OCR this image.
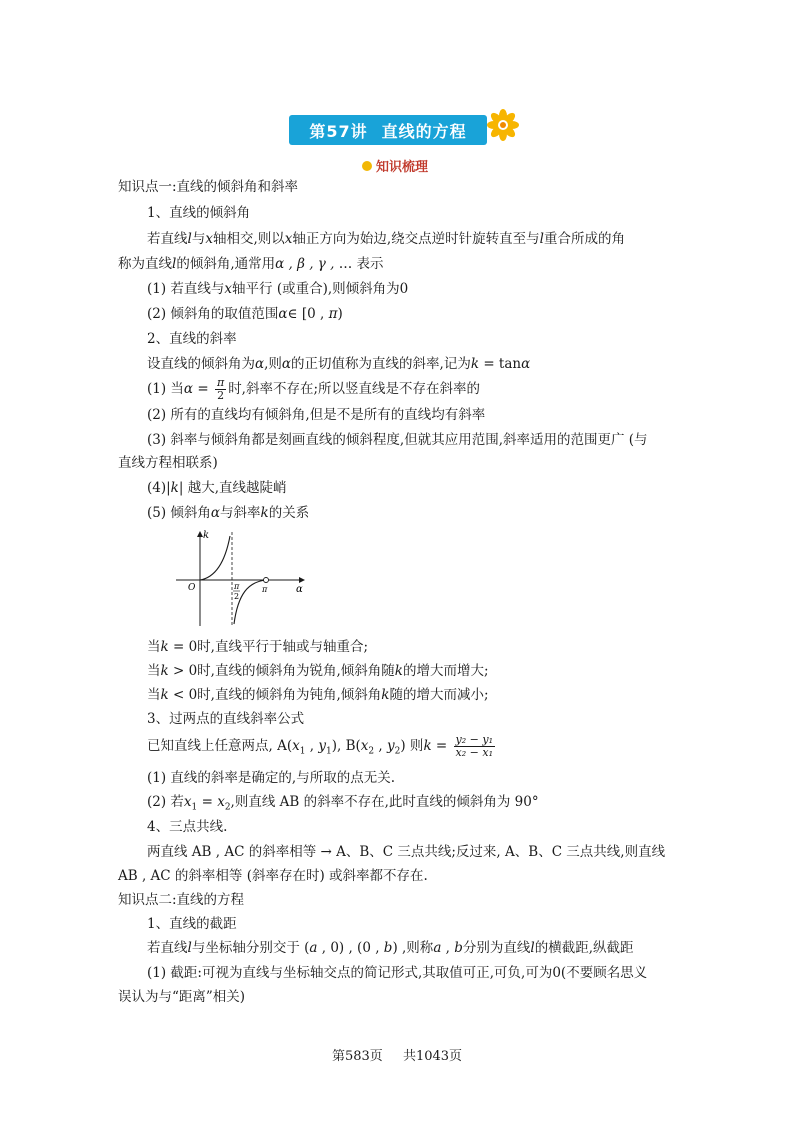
第57讲 直线的方程
知识梳理
知识点一:直线的倾斜角和斜率
1、直线的倾斜角
若直线l与x轴相交,则以x轴正方向为始边,绕交点逆时针旋转直至与l重合所成的角
称为直线l的倾斜角,通常用α , β , γ , … 表示
(1) 若直线与x轴平行 (或重合),则倾斜角为0
(2) 倾斜角的取值范围α∈ [0 , π)
2、直线的斜率
设直线的倾斜角为α,则α的正切值称为直线的斜率,记为k = tanα
(1) 当$\alpha = \frac{\pi}{2}$ 时,斜率不存在;所以竖直线是不存在斜率的
(2) 所有的直线均有倾斜角,但是不是所有的直线均有斜率
(3) 斜率与倾斜角都是刻画直线的倾斜程度,但就其应用范围,斜率适用的范围更广 (与
直线方程相联系)
(4)|k| 越大,直线越陡峭
(5) 倾斜角α与斜率k的关系
k
O	α
π
2
π
当k = 0时,直线平行于轴或与轴重合;
当k > 0时,直线的倾斜角为锐角,倾斜角随k的增大而增大;
当k < 0时,直线的倾斜角为钝角,倾斜角k随的增大而减小;
3、过两点的直线斜率公式
已知直线上任意两点, $A(x_1$ , $y_1$), $B(x_2$ , $y_2$) 则$k = \frac{\text{y₂ − y₁}}{\text{x₂ − x₁}}$
(1) 直线的斜率是确定的,与所取的点无关.
(2) 若$x_1 = x_2$,则直线 AB 的斜率不存在,此时直线的倾斜角为 90°
4、三点共线.
两直线 AB , AC 的斜率相等 → A、B、C 三点共线;反过来, A、B、C 三点共线,则直线
AB , AC 的斜率相等 (斜率存在时) 或斜率都不存在.
知识点二:直线的方程
1、直线的截距
若直线l与坐标轴分别交于 (a , 0) , (0 , b) ,则称a , b分别为直线l的横截距,纵截距
(1) 截距:可视为直线与坐标轴交点的简记形式,其取值可正,可负,可为0(不要顾名思义
误认为与“距离”相关)
第583页 共1043页
